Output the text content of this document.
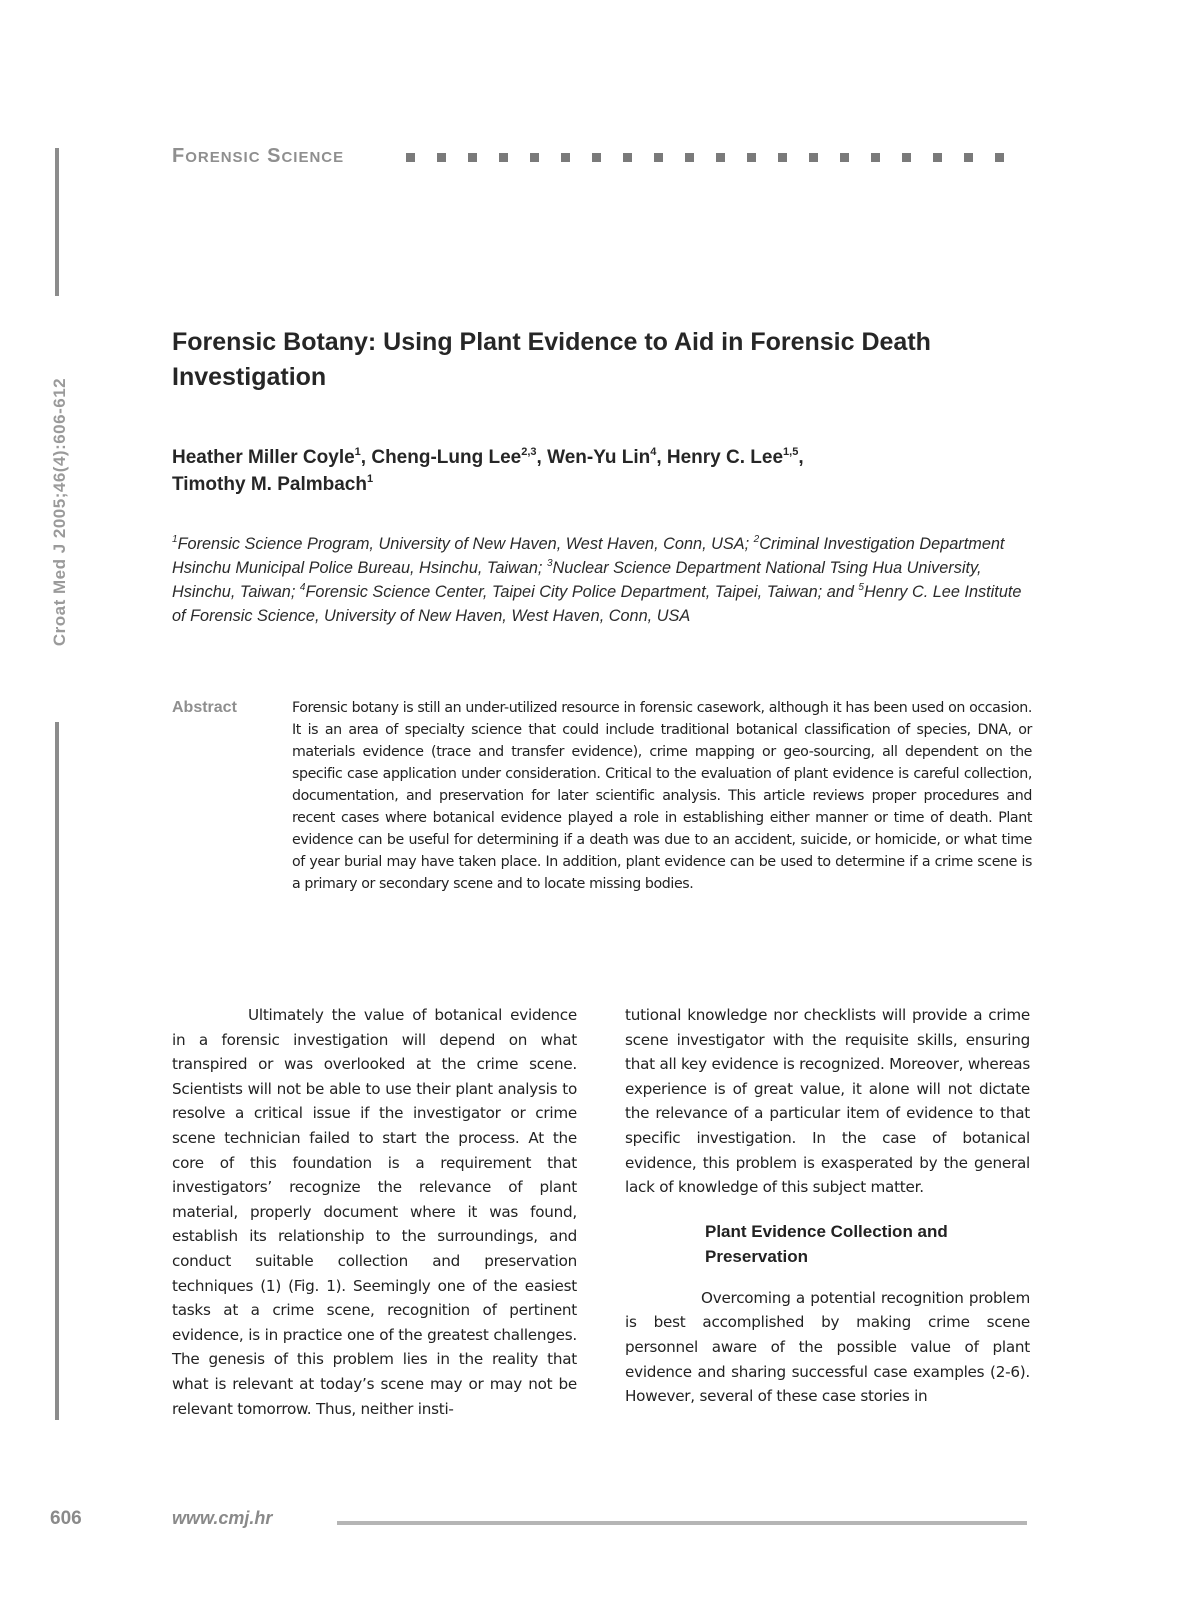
Croat Med J 2005;46(4):606-612
FORENSIC SCIENCE
Forensic Botany: Using Plant Evidence to Aid in Forensic Death Investigation
Heather Miller Coyle$^1$, Cheng-Lung Lee$^{2,3}$, Wen-Yu Lin$^4$, Henry C. Lee$^{1,5}$,
Timothy M. Palmbach$^1$
$^1$Forensic Science Program, University of New Haven, West Haven, Conn, USA; $^2$Criminal Investigation Department Hsinchu Municipal Police Bureau, Hsinchu, Taiwan; $^3$Nuclear Science Department National Tsing Hua University, Hsinchu, Taiwan; $^4$Forensic Science Center, Taipei City Police Department, Taipei, Taiwan; and $^5$Henry C. Lee Institute of Forensic Science, University of New Haven, West Haven, Conn, USA
Abstract	Forensic botany is still an under-utilized resource in forensic casework, although it has been used on occasion. It is an area of specialty science that could include traditional botanical classification of species, DNA, or materials evidence (trace and transfer evidence), crime mapping or geo-sourcing, all dependent on the specific case application under consideration. Critical to the evaluation of plant evidence is careful collection, documentation, and preservation for later scientific analysis. This article reviews proper procedures and recent cases where botanical evidence played a role in establishing either manner or time of death. Plant evidence can be useful for determining if a death was due to an accident, suicide, or homicide, or what time of year burial may have taken place. In addition, plant evidence can be used to determine if a crime scene is a primary or secondary scene and to locate missing bodies.

Ultimately the value of botanical evidence in a forensic investigation will depend on what transpired or was overlooked at the crime scene. Scientists will not be able to use their plant analysis to resolve a critical issue if the investigator or crime scene technician failed to start the process. At the core of this foundation is a requirement that investigators’ recognize the relevance of plant material, properly document where it was found, establish its relationship to the surroundings, and conduct suitable collection and preservation techniques (1) (Fig. 1). Seemingly one of the easiest tasks at a crime scene, recognition of pertinent evidence, is in practice one of the greatest challenges. The genesis of this problem lies in the reality that what is relevant at today’s scene may or may not be relevant tomorrow. Thus, neither insti-

tutional knowledge nor checklists will provide a crime scene investigator with the requisite skills, ensuring that all key evidence is recognized. Moreover, whereas experience is of great value, it alone will not dictate the relevance of a particular item of evidence to that specific investigation. In the case of botanical evidence, this problem is exasperated by the general lack of knowledge of this subject matter.

Plant Evidence Collection and Preservation

Overcoming a potential recognition problem is best accomplished by making crime scene personnel aware of the possible value of plant evidence and sharing successful case examples (2-6). However, several of these case stories in

606	www.cmj.hr
